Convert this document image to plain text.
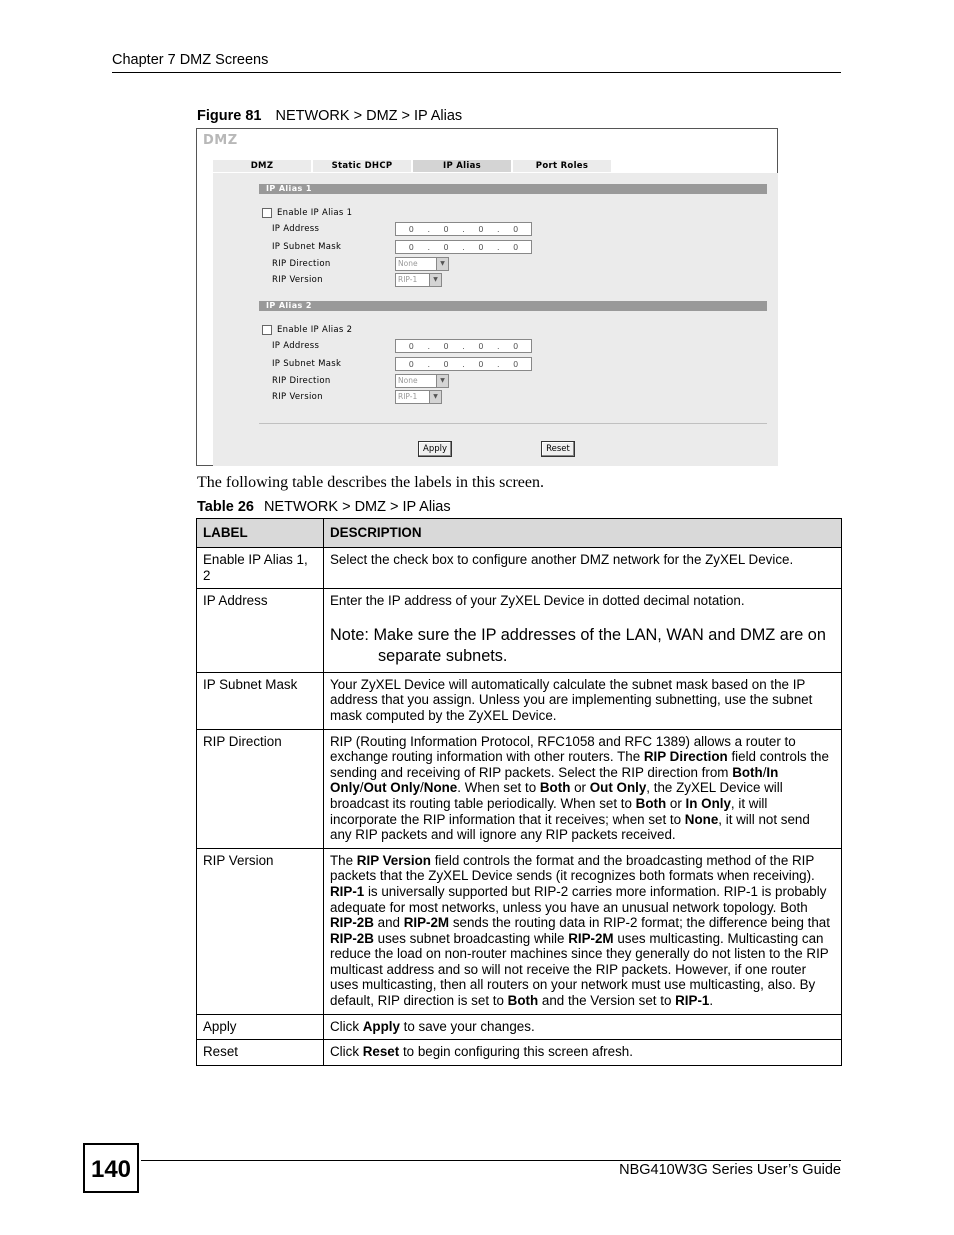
Chapter 7 DMZ Screens
Figure 81 NETWORK > DMZ > IP Alias
DMZ
DMZ	Static DHCP	IP Alias	Port Roles
IP Alias 1
Enable IP Alias 1
IP Address	0 . 0 . 0 . 0
IP Subnet Mask	0 . 0 . 0 . 0
RIP Direction	None	▼
RIP Version	RIP-1	▼
IP Alias 2
Enable IP Alias 2
IP Address	0 . 0 . 0 . 0
IP Subnet Mask	0 . 0 . 0 . 0
RIP Direction	None	▼
RIP Version	RIP-1	▼
Apply	Reset
The following table describes the labels in this screen.
Table 26 NETWORK > DMZ > IP Alias
LABEL	DESCRIPTION
Enable IP Alias 1, 2	Select the check box to configure another DMZ network for the ZyXEL Device.
IP Address	Enter the IP address of your ZyXEL Device in dotted decimal notation.
Note: Make sure the IP addresses of the LAN, WAN and DMZ are on separate subnets.

IP Subnet Mask	Your ZyXEL Device will automatically calculate the subnet mask based on the IP address that you assign. Unless you are implementing subnetting, use the subnet mask computed by the ZyXEL Device.
RIP Direction	RIP (Routing Information Protocol, RFC1058 and RFC 1389) allows a router to exchange routing information with other routers. The RIP Direction field controls the sending and receiving of RIP packets. Select the RIP direction from Both/In Only/Out Only/None. When set to Both or Out Only, the ZyXEL Device will broadcast its routing table periodically. When set to Both or In Only, it will incorporate the RIP information that it receives; when set to None, it will not send any RIP packets and will ignore any RIP packets received.
RIP Version	The RIP Version field controls the format and the broadcasting method of the RIP packets that the ZyXEL Device sends (it recognizes both formats when receiving). RIP-1 is universally supported but RIP-2 carries more information. RIP-1 is probably adequate for most networks, unless you have an unusual network topology. Both RIP-2B and RIP-2M sends the routing data in RIP-2 format; the difference being that RIP-2B uses subnet broadcasting while RIP-2M uses multicasting. Multicasting can reduce the load on non-router machines since they generally do not listen to the RIP multicast address and so will not receive the RIP packets. However, if one router uses multicasting, then all routers on your network must use multicasting, also. By default, RIP direction is set to Both and the Version set to RIP-1.
Apply	Click Apply to save your changes.
Reset	Click Reset to begin configuring this screen afresh.
140	NBG410W3G Series User’s Guide
